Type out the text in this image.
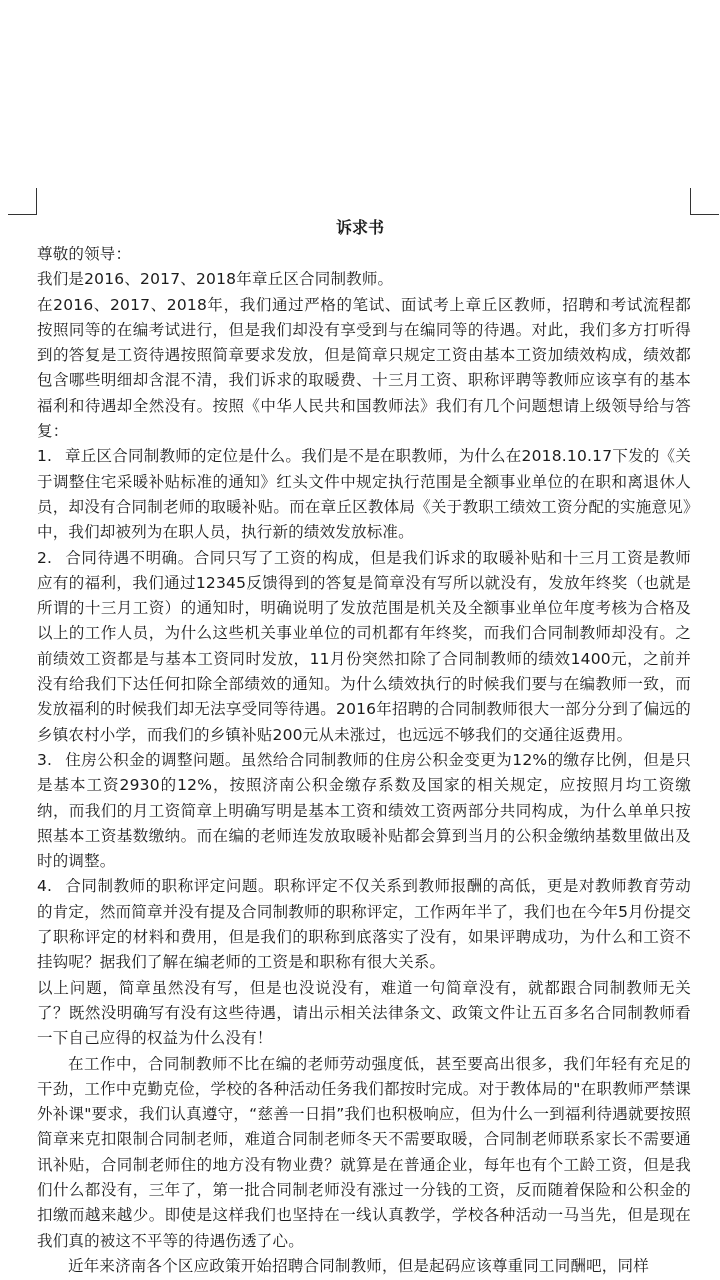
诉求书

尊敬的领导：

我们是2016、2017、2018年章丘区合同制教师。

在2016、2017、2018年，我们通过严格的笔试、面试考上章丘区教师，招聘和考试流程都按照同等的在编考试进行，但是我们却没有享受到与在编同等的待遇。对此，我们多方打听得到的答复是工资待遇按照简章要求发放，但是简章只规定工资由基本工资加绩效构成，绩效都包含哪些明细却含混不清，我们诉求的取暖费、十三月工资、职称评聘等教师应该享有的基本福利和待遇却全然没有。按照《中华人民共和国教师法》我们有几个问题想请上级领导给与答复：

1. 章丘区合同制教师的定位是什么。我们是不是在职教师，为什么在2018.10.17下发的《关于调整住宅采暖补贴标准的通知》红头文件中规定执行范围是全额事业单位的在职和离退休人员，却没有合同制老师的取暖补贴。而在章丘区教体局《关于教职工绩效工资分配的实施意见》中，我们却被列为在职人员，执行新的绩效发放标准。

2. 合同待遇不明确。合同只写了工资的构成，但是我们诉求的取暖补贴和十三月工资是教师应有的福利，我们通过12345反馈得到的答复是简章没有写所以就没有，发放年终奖（也就是所谓的十三月工资）的通知时，明确说明了发放范围是机关及全额事业单位年度考核为合格及以上的工作人员，为什么这些机关事业单位的司机都有年终奖，而我们合同制教师却没有。之前绩效工资都是与基本工资同时发放，11月份突然扣除了合同制教师的绩效1400元，之前并没有给我们下达任何扣除全部绩效的通知。为什么绩效执行的时候我们要与在编教师一致，而发放福利的时候我们却无法享受同等待遇。2016年招聘的合同制教师很大一部分分到了偏远的乡镇农村小学，而我们的乡镇补贴200元从未涨过，也远远不够我们的交通往返费用。

3. 住房公积金的调整问题。虽然给合同制教师的住房公积金变更为12%的缴存比例，但是只是基本工资2930的12%，按照济南公积金缴存系数及国家的相关规定，应按照月均工资缴纳，而我们的月工资简章上明确写明是基本工资和绩效工资两部分共同构成，为什么单单只按照基本工资基数缴纳。而在编的老师连发放取暖补贴都会算到当月的公积金缴纳基数里做出及时的调整。

4. 合同制教师的职称评定问题。职称评定不仅关系到教师报酬的高低，更是对教师教育劳动的肯定，然而简章并没有提及合同制教师的职称评定，工作两年半了，我们也在今年5月份提交了职称评定的材料和费用，但是我们的职称到底落实了没有，如果评聘成功，为什么和工资不挂钩呢？据我们了解在编老师的工资是和职称有很大关系。

以上问题，简章虽然没有写，但是也没说没有，难道一句简章没有，就都跟合同制教师无关了？既然没明确写有没有这些待遇，请出示相关法律条文、政策文件让五百多名合同制教师看一下自己应得的权益为什么没有！

在工作中，合同制教师不比在编的老师劳动强度低，甚至要高出很多，我们年轻有充足的干劲，工作中克勤克俭，学校的各种活动任务我们都按时完成。对于教体局的"在职教师严禁课外补课"要求，我们认真遵守，“慈善一日捐”我们也积极响应，但为什么一到福利待遇就要按照简章来克扣限制合同制老师，难道合同制老师冬天不需要取暖，合同制老师联系家长不需要通讯补贴，合同制老师住的地方没有物业费？就算是在普通企业，每年也有个工龄工资，但是我们什么都没有，三年了，第一批合同制老师没有涨过一分钱的工资，反而随着保险和公积金的扣缴而越来越少。即使是这样我们也坚持在一线认真教学，学校各种活动一马当先，但是现在我们真的被这不平等的待遇伤透了心。

近年来济南各个区应政策开始招聘合同制教师，但是起码应该尊重同工同酬吧，同样
